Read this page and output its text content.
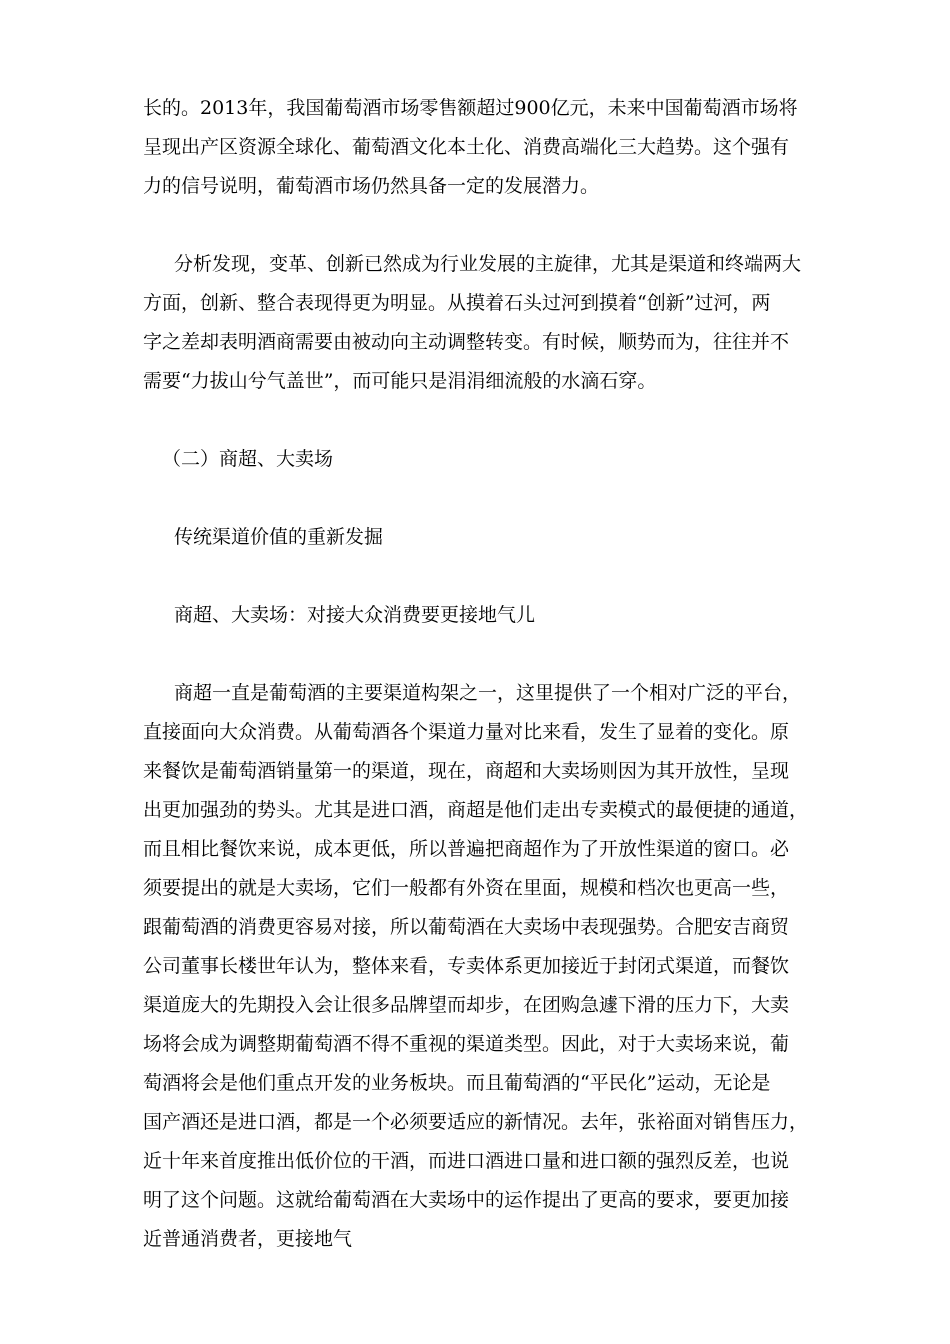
长的。2013年，我国葡萄酒市场零售额超过900亿元，未来中国葡萄酒市场将
呈现出产区资源全球化、葡萄酒文化本土化、消费高端化三大趋势。这个强有
力的信号说明，葡萄酒市场仍然具备一定的发展潜力。
分析发现，变革、创新已然成为行业发展的主旋律，尤其是渠道和终端两大
方面，创新、整合表现得更为明显。从摸着石头过河到摸着“创新”过河，两
字之差却表明酒商需要由被动向主动调整转变。有时候，顺势而为，往往并不
需要“力拔山兮气盖世”，而可能只是涓涓细流般的水滴石穿。
（二）商超、大卖场
传统渠道价值的重新发掘
商超、大卖场：对接大众消费要更接地气儿
商超一直是葡萄酒的主要渠道构架之一，这里提供了一个相对广泛的平台，
直接面向大众消费。从葡萄酒各个渠道力量对比来看，发生了显着的变化。原
来餐饮是葡萄酒销量第一的渠道，现在，商超和大卖场则因为其开放性，呈现
出更加强劲的势头。尤其是进口酒，商超是他们走出专卖模式的最便捷的通道，
而且相比餐饮来说，成本更低，所以普遍把商超作为了开放性渠道的窗口。必
须要提出的就是大卖场，它们一般都有外资在里面，规模和档次也更高一些，
跟葡萄酒的消费更容易对接，所以葡萄酒在大卖场中表现强势。合肥安吉商贸
公司董事长楼世年认为，整体来看，专卖体系更加接近于封闭式渠道，而餐饮
渠道庞大的先期投入会让很多品牌望而却步，在团购急遽下滑的压力下，大卖
场将会成为调整期葡萄酒不得不重视的渠道类型。因此，对于大卖场来说，葡
萄酒将会是他们重点开发的业务板块。而且葡萄酒的“平民化”运动，无论是
国产酒还是进口酒，都是一个必须要适应的新情况。去年，张裕面对销售压力，
近十年来首度推出低价位的干酒，而进口酒进口量和进口额的强烈反差，也说
明了这个问题。这就给葡萄酒在大卖场中的运作提出了更高的要求，要更加接
近普通消费者，更接地气
